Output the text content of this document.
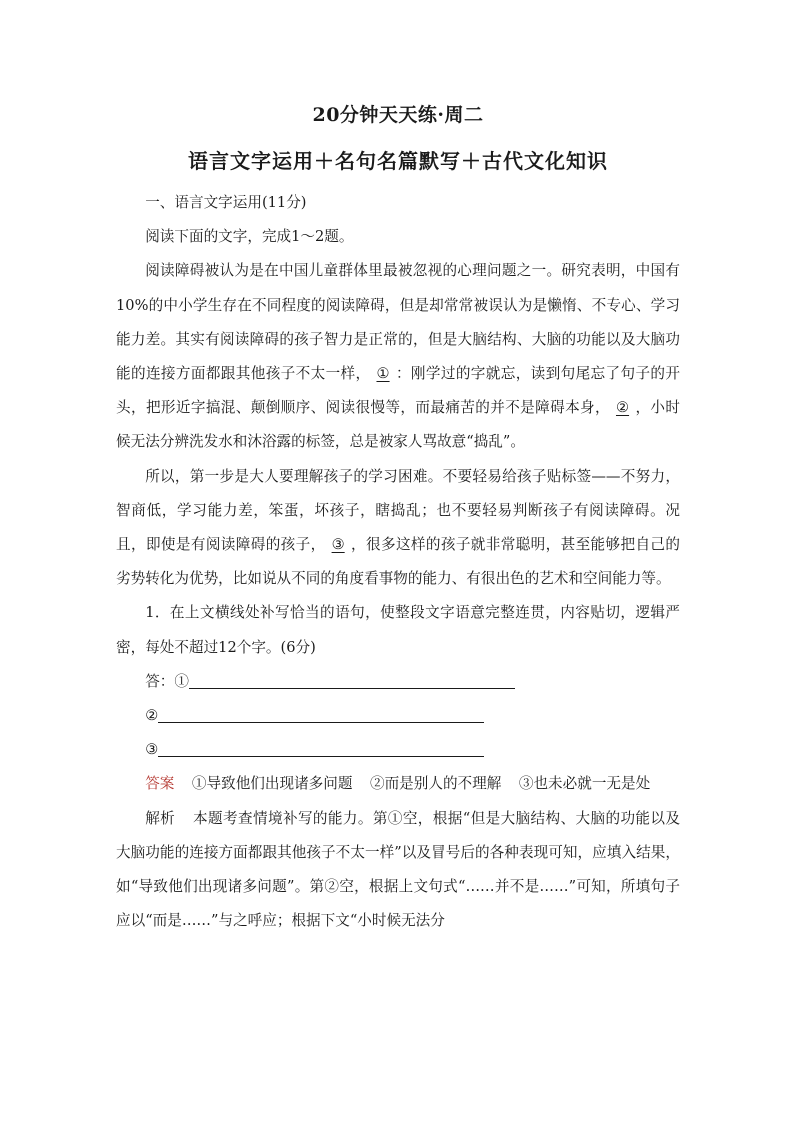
20分钟天天练·周二
语言文字运用＋名句名篇默写＋古代文化知识

一、语言文字运用(11分)

阅读下面的文字，完成1～2题。

阅读障碍被认为是在中国儿童群体里最被忽视的心理问题之一。研究表明，中国有10%的中小学生存在不同程度的阅读障碍，但是却常常被误认为是懒惰、不专心、学习能力差。其实有阅读障碍的孩子智力是正常的，但是大脑结构、大脑的功能以及大脑功能的连接方面都跟其他孩子不太一样， ① ：刚学过的字就忘，读到句尾忘了句子的开头，把形近字搞混、颠倒顺序、阅读很慢等，而最痛苦的并不是障碍本身， ② ，小时候无法分辨洗发水和沐浴露的标签，总是被家人骂故意“捣乱”。

所以，第一步是大人要理解孩子的学习困难。不要轻易给孩子贴标签——不努力，智商低，学习能力差，笨蛋，坏孩子，瞎捣乱；也不要轻易判断孩子有阅读障碍。况且，即使是有阅读障碍的孩子， ③ ，很多这样的孩子就非常聪明，甚至能够把自己的劣势转化为优势，比如说从不同的角度看事物的能力、有很出色的艺术和空间能力等。

1．在上文横线处补写恰当的语句，使整段文字语意完整连贯，内容贴切，逻辑严密，每处不超过12个字。(6分)

答：①

②

③

答案 ①导致他们出现诸多问题 ②而是别人的不理解 ③也未必就一无是处

解析 本题考查情境补写的能力。第①空，根据“但是大脑结构、大脑的功能以及大脑功能的连接方面都跟其他孩子不太一样”以及冒号后的各种表现可知，应填入结果，如“导致他们出现诸多问题”。第②空，根据上文句式“……并不是……”可知，所填句子应以“而是……”与之呼应；根据下文“小时候无法分
